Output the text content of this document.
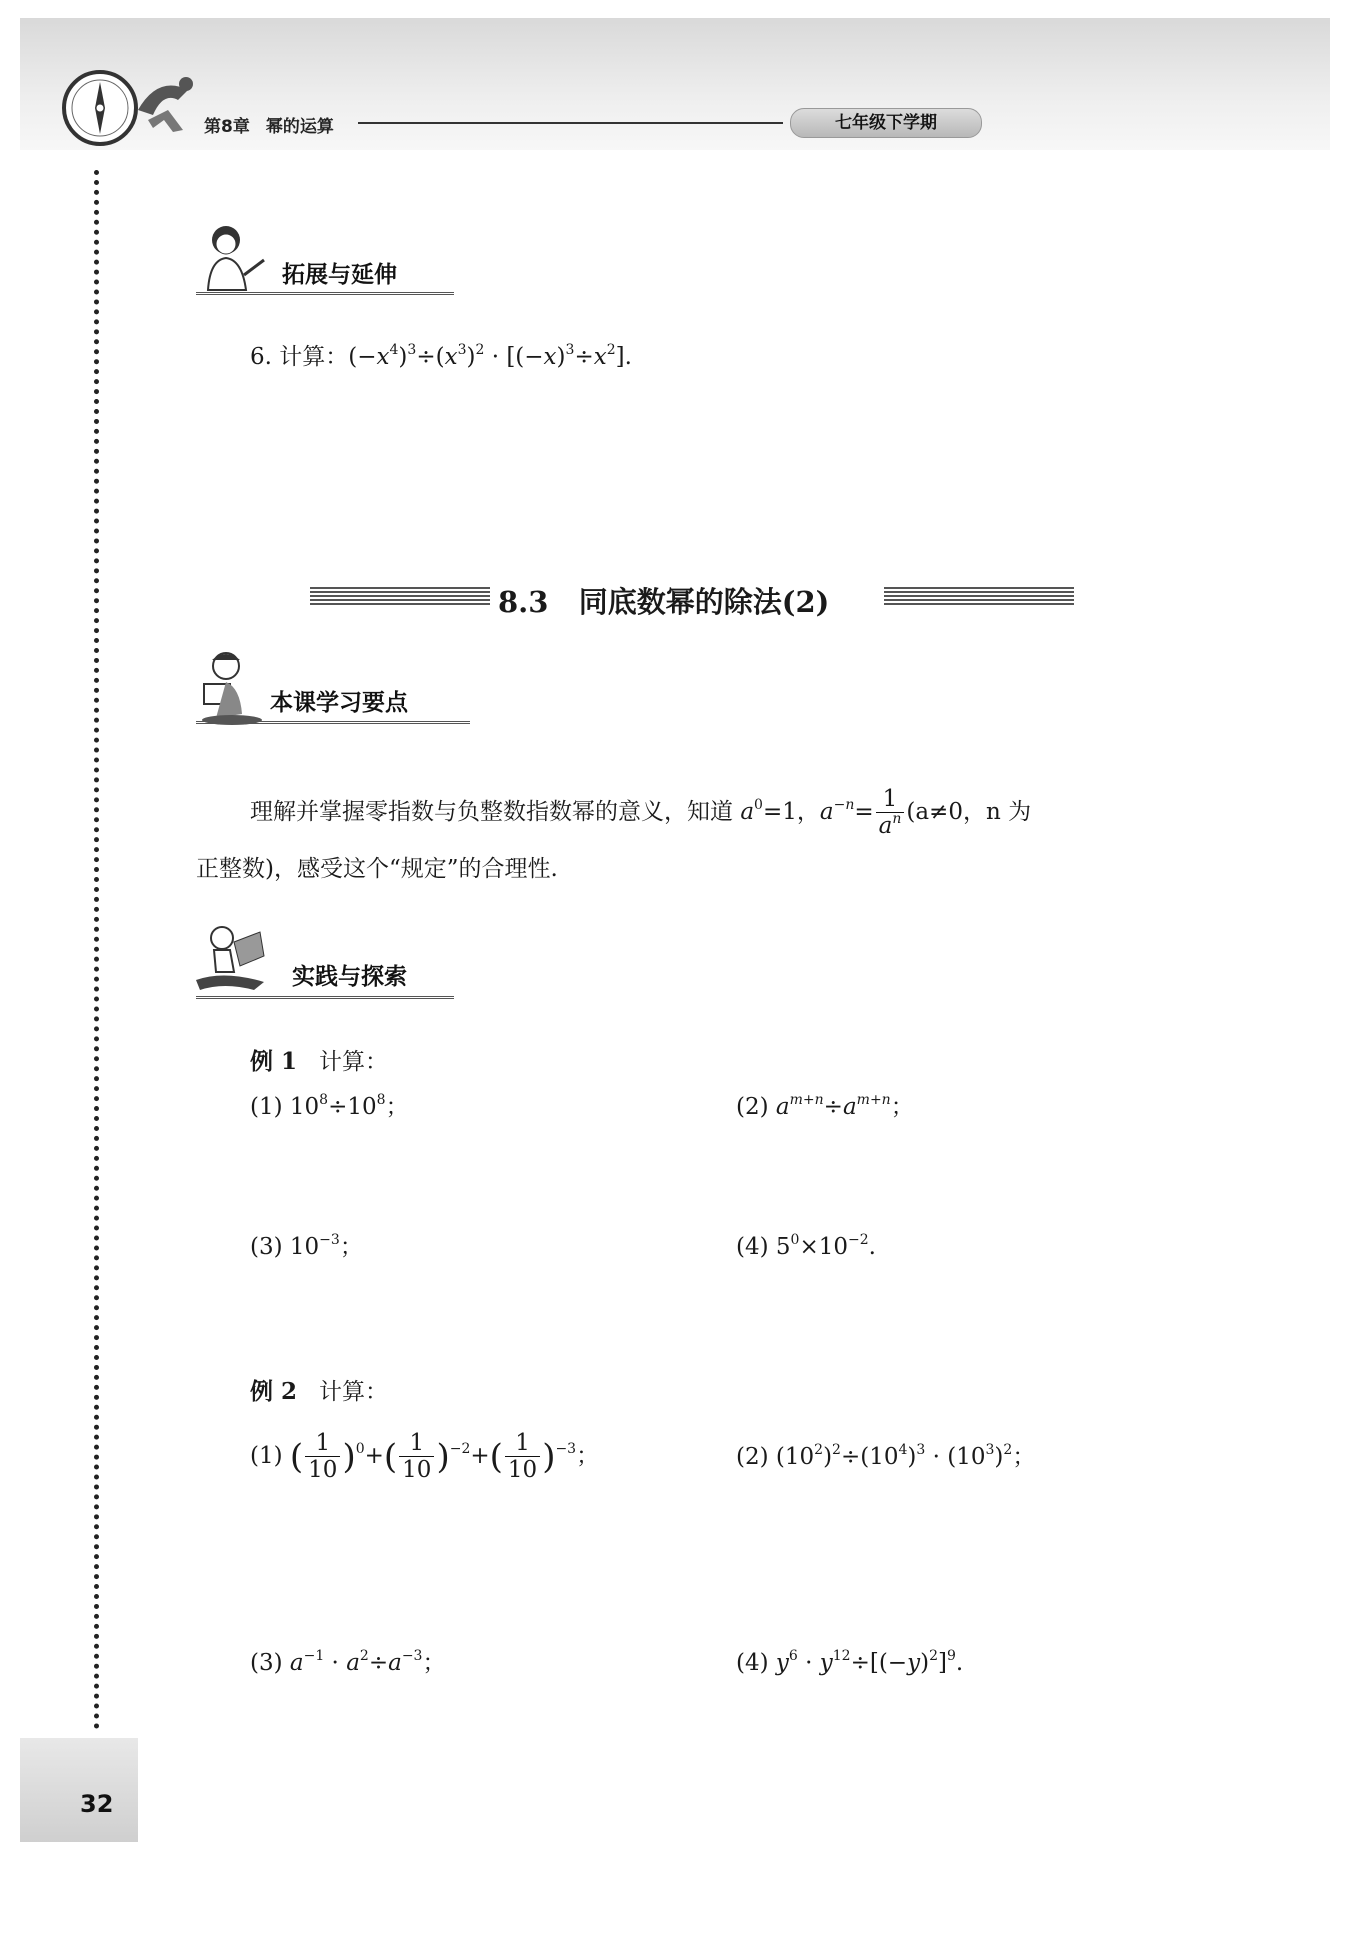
第8章 幂的运算	七年级下学期
拓展与延伸
6. 计算：$(-x^4)^3\div(x^3)^2 \cdot [(-x)^3\div x^2]$.
8.3 同底数幂的除法(2)
本课学习要点
理解并掌握零指数与负整数指数幂的意义，知道 $a^0=1$，$a^{-n}= \frac{1}{a^n} (a\ne 0$，n 为
正整数)，感受这个“规定”的合理性.
实践与探索
例 1 计算：
(1) $10^8\div 10^8$；	(2) $a^{m+n}\div a^{m+n}$；
(3) $10^{-3}$；	(4) $5^0\times 10^{-2}$.
例 2 计算：
(1) ( $\frac{1}{10} )^0+( \frac{1}{10} )^{-2}+( \frac{1}{10} )^{-3}$；	(2) $(10^2)^2\div(10^4)^3 \cdot (10^3)^2$；
(3) $a^{-1} \cdot a^2\div a^{-3}$；	(4) $y^6 \cdot y^{12}\div[(-y)^2]^9$.
32
